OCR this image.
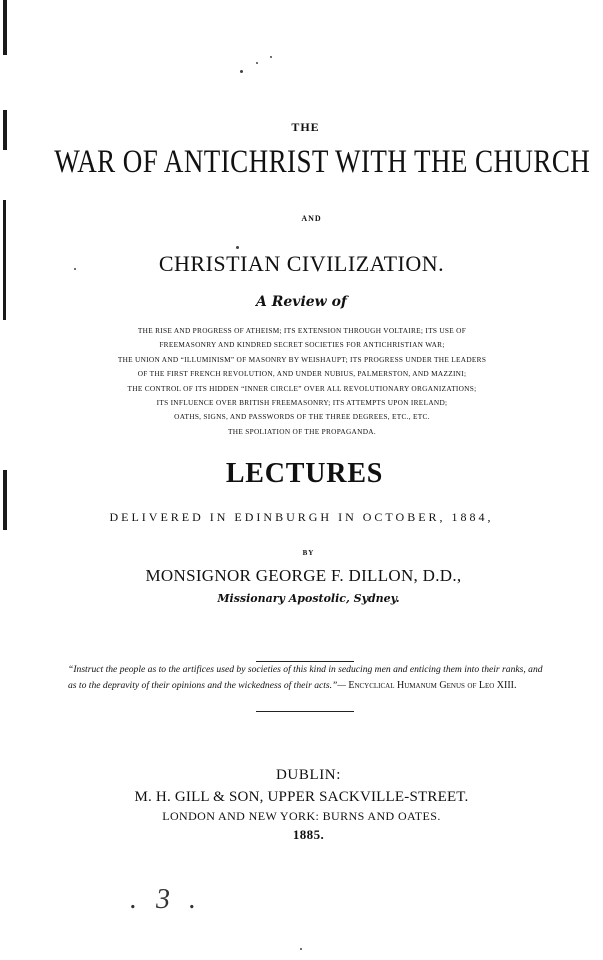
THE
WAR OF ANTICHRIST WITH THE CHURCH
AND
CHRISTIAN CIVILIZATION.
A Review of
THE RISE AND PROGRESS OF ATHEISM; ITS EXTENSION THROUGH VOLTAIRE; ITS USE OF
FREEMASONRY AND KINDRED SECRET SOCIETIES FOR ANTICHRISTIAN WAR;
THE UNION AND “ILLUMINISM” OF MASONRY BY WEISHAUPT; ITS PROGRESS UNDER THE LEADERS
OF THE FIRST FRENCH REVOLUTION, AND UNDER NUBIUS, PALMERSTON, AND MAZZINI;
THE CONTROL OF ITS HIDDEN “INNER CIRCLE” OVER ALL REVOLUTIONARY ORGANIZATIONS;
ITS INFLUENCE OVER BRITISH FREEMASONRY; ITS ATTEMPTS UPON IRELAND;
OATHS, SIGNS, AND PASSWORDS OF THE THREE DEGREES, ETC., ETC.
THE SPOLIATION OF THE PROPAGANDA.
LECTURES
DELIVERED IN EDINBURGH IN OCTOBER, 1884,
BY
MONSIGNOR GEORGE F. DILLON, D.D.,
Missionary Apostolic, Sydney.
“Instruct the people as to the artifices used by societies of this kind in seducing men and enticing them into their ranks, and as to the depravity of their opinions and the wickedness of their acts.”— Encyclical Humanum Genus of Leo XIII.
DUBLIN:
M. H. GILL & SON, UPPER SACKVILLE-STREET.
LONDON AND NEW YORK: BURNS AND OATES.
1885.
. 3 .
